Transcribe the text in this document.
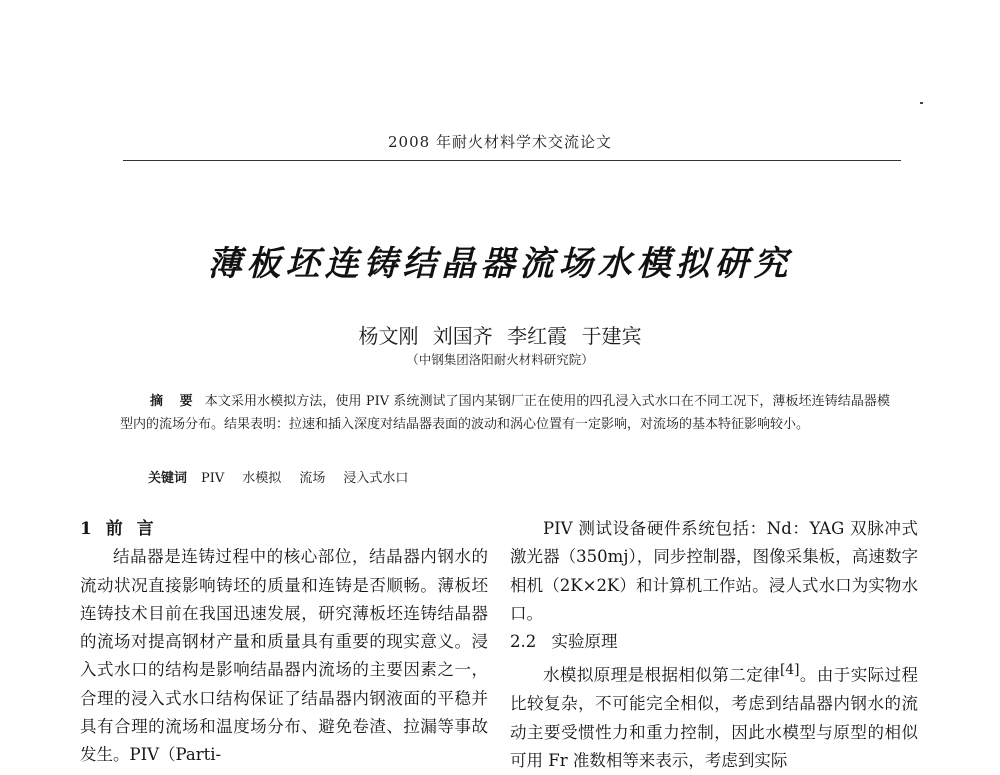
2008 年耐火材料学术交流论文
薄板坯连铸结晶器流场水模拟研究
杨文刚 刘国齐 李红霞 于建宾
（中钢集团洛阳耐火材料研究院）
摘 要 本文采用水模拟方法，使用 PIV 系统测试了国内某钢厂正在使用的四孔浸入式水口在不同工况下，薄板坯连铸结晶器模型内的流场分布。结果表明：拉速和插入深度对结晶器表面的波动和涡心位置有一定影响，对流场的基本特征影响较小。
关键词 PIV 水模拟 流场 浸入式水口
1 前 言

结晶器是连铸过程中的核心部位，结晶器内钢水的流动状况直接影响铸坯的质量和连铸是否顺畅。薄板坯连铸技术目前在我国迅速发展，研究薄板坯连铸结晶器的流场对提高钢材产量和质量具有重要的现实意义。浸入式水口的结构是影响结晶器内流场的主要因素之一，合理的浸入式水口结构保证了结晶器内钢液面的平稳并具有合理的流场和温度场分布、避免卷渣、拉漏等事故发生。PIV（Parti-

PIV 测试设备硬件系统包括：Nd：YAG 双脉冲式激光器（350mj），同步控制器，图像采集板，高速数字相机（2K×2K）和计算机工作站。浸人式水口为实物水口。

2.2 实验原理

水模拟原理是根据相似第二定律[4]。由于实际过程比较复杂，不可能完全相似，考虑到结晶器内钢水的流动主要受惯性力和重力控制，因此水模型与原型的相似可用 Fr 准数相等来表示，考虑到实际
